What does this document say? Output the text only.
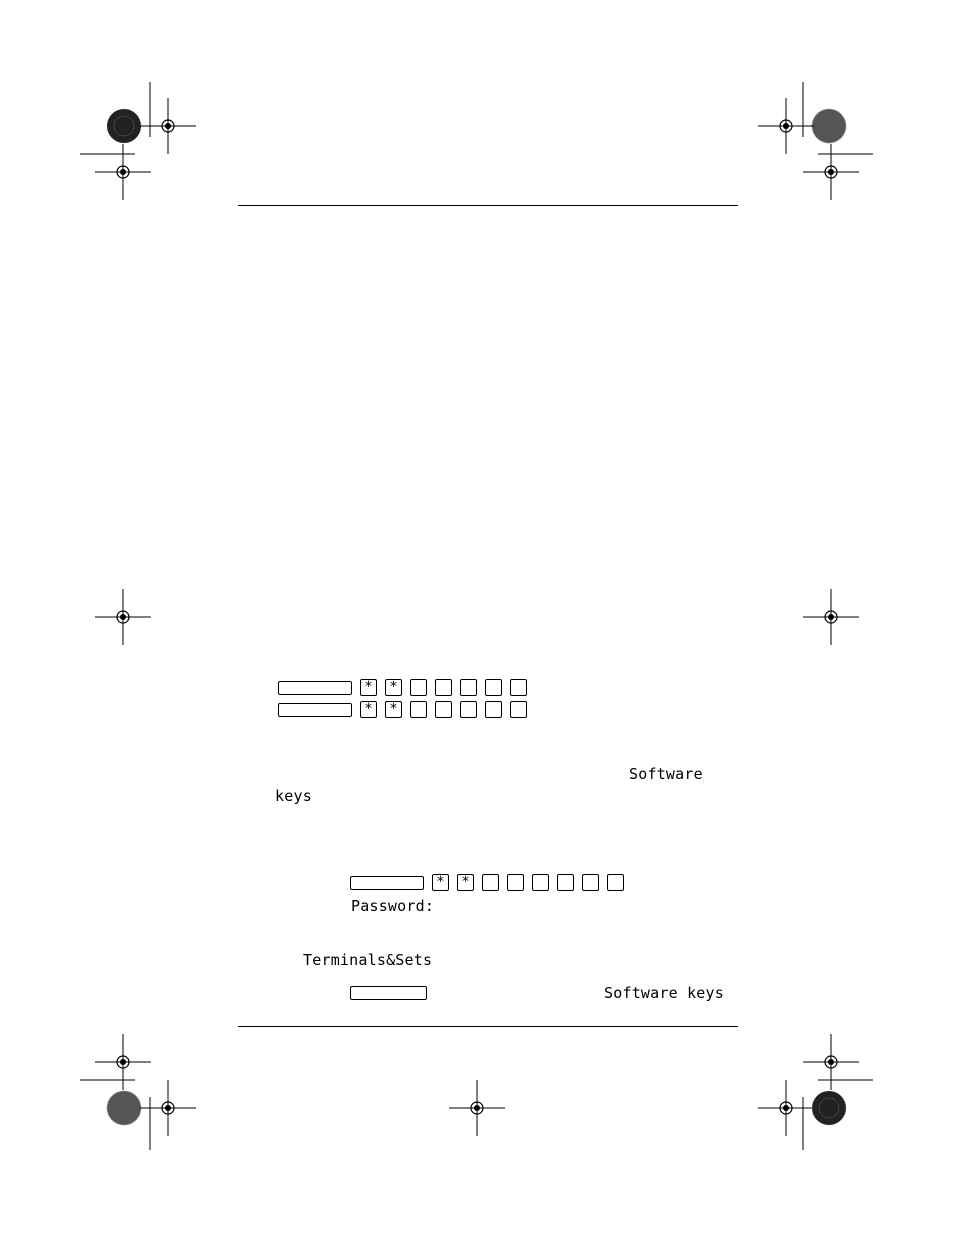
*	*
*	*
Software
keys
*	*
Password:
Terminals&Sets
Software keys
